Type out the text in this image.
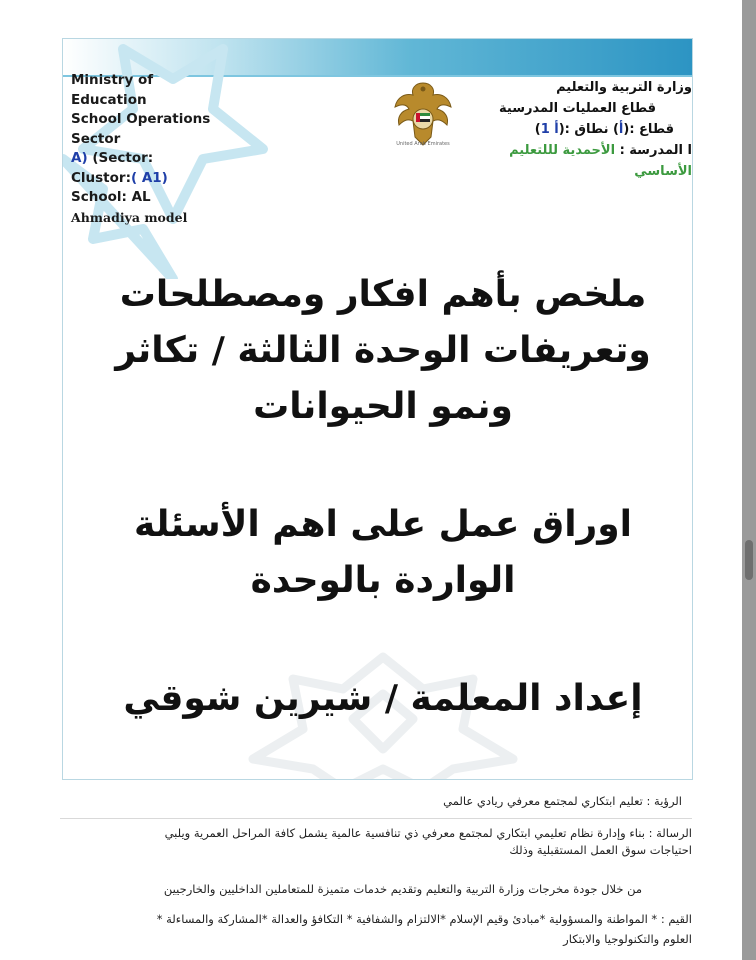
Ministry of
Education
School Operations
Sector
A) (Sector:
Clustor:( A1)
School: AL
Ahmadiya model
United Arab Emirates
وزارة التربية والتعليم
قطاع العمليات المدرسية
قطاع :(أ) نطاق :(أ 1)
ا المدرسة : الأحمدية لللتعليم
الأساسي
ملخص بأهم افكار ومصطلحات
وتعريفات الوحدة الثالثة / تكاثر
ونمو الحيوانات
اوراق عمل على اهم الأسئلة
الواردة بالوحدة
إعداد المعلمة / شيرين شوقي

الرؤية : تعليم ابتكاري لمجتمع معرفي ريادي عالمي

الرسالة : بناء وإدارة نظام تعليمي ابتكاري لمجتمع معرفي ذي تنافسية عالمية يشمل كافة المراحل العمرية ويلبي

احتياجات سوق العمل المستقبلية وذلك

من خلال جودة مخرجات وزارة التربية والتعليم وتقديم خدمات متميزة للمتعاملين الداخليين والخارجيين

القيم : * المواطنة والمسؤولية *مبادئ وقيم الإسلام *الالتزام والشفافية * التكافؤ والعدالة *المشاركة والمساءلة *

العلوم والتكنولوجيا والابتكار
